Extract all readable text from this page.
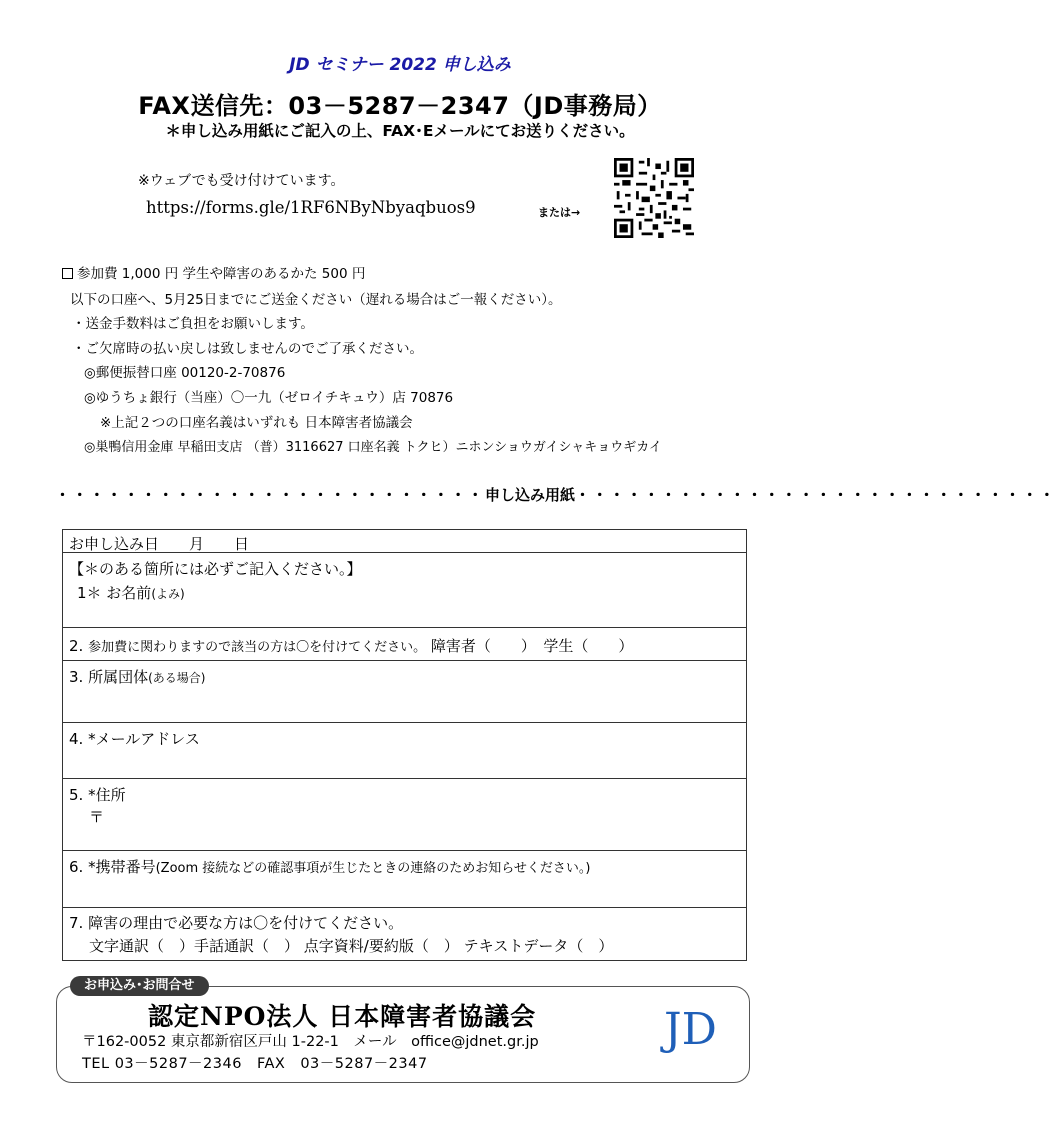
JD セミナー 2022 申し込み
FAX送信先：03－5287－2347（JD事務局）
＊申し込み用紙にご記入の上、FAX･Eメールにてお送りください。
※ウェブでも受け付けています。
https://forms.gle/1RF6NByNbyaqbuos9	または→
参加費 1,000 円 学生や障害のあるかた 500 円
以下の口座へ、5月25日までにご送金ください（遅れる場合はご一報ください）。
・送金手数料はご負担をお願いします。
・ご欠席時の払い戻しは致しませんのでご了承ください。
◎郵便振替口座 00120-2-70876
◎ゆうちょ銀行（当座）〇一九（ゼロイチキュウ）店 70876
※上記２つの口座名義はいずれも 日本障害者協議会
◎巣鴨信用金庫 早稲田支店 （普）3116627 口座名義 トクヒ）ニホンショウガイシャキョウギカイ
・・・・・・・・・・・・・・・・・・・・・・・・・申し込み用紙・・・・・・・・・・・・・・・・・・・・・・・・・・・・
お申し込み日　　月　　日
【＊のある箇所には必ずご記入ください。】
1＊ お名前(よみ)
2. 参加費に関わりますので該当の方は〇を付けてください。 障害者（　　）　学生（　　）
3. 所属団体(ある場合)
4. *メールアドレス
5. *住所
〒
6. *携帯番号(Zoom 接続などの確認事項が生じたときの連絡のためお知らせください。)
7. 障害の理由で必要な方は〇を付けてください。
文字通訳（　）手話通訳（　） 点字資料/要約版（　） テキストデータ（　）
お申込み･お問合せ
認定NPO法人 日本障害者協議会
〒162-0052 東京都新宿区戸山 1-22-1　メール　office@jdnet.gr.jp
TEL 03－5287－2346　FAX　03－5287－2347
JD
